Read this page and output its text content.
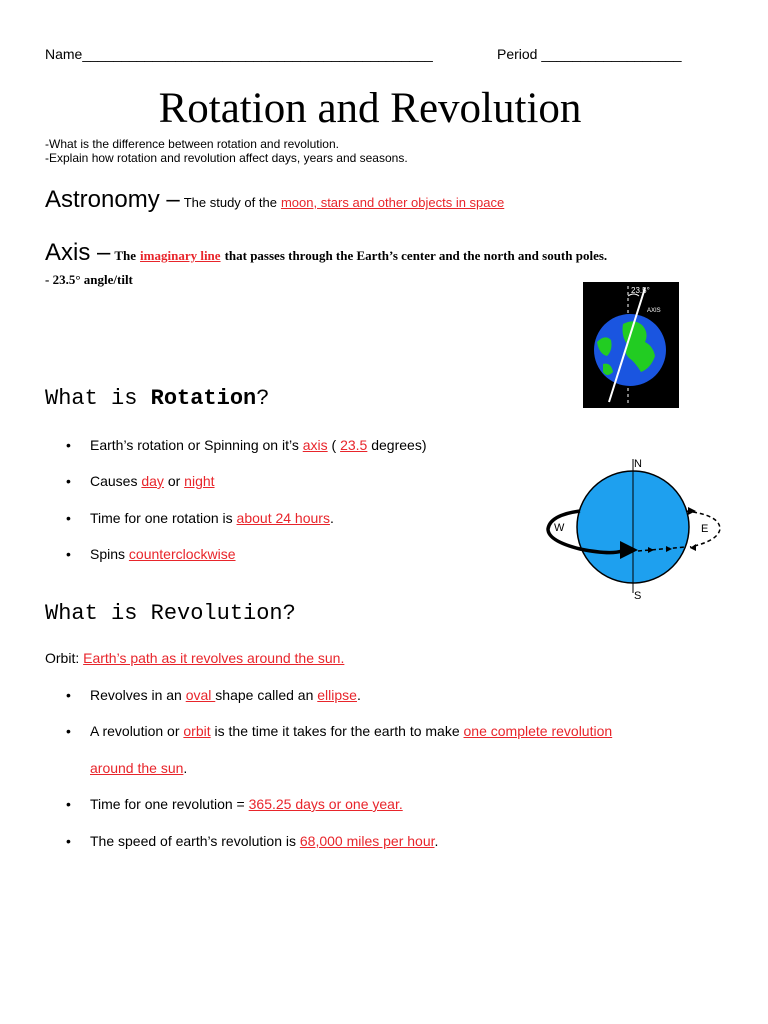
Name_____________________________________________	Period __________________
Rotation and Revolution
-What is the difference between rotation and revolution.
-Explain how rotation and revolution affect days, years and seasons.
Astronomy – The study of the moon, stars and other objects in space
Axis – The imaginary line that passes through the Earth’s center and the north and south poles.
- 23.5° angle/tilt
23.5°
AXIS
What is Rotation?
• Earth’s rotation or Spinning on it’s axis ( 23.5 degrees)
• Causes day or night
• Time for one rotation is about 24 hours.
• Spins counterclockwise
W	E
N
S
What is Revolution?
Orbit: Earth’s path as it revolves around the sun.
• Revolves in an oval shape called an ellipse.
• A revolution or orbit is the time it takes for the earth to make one complete revolution
around the sun.
• Time for one revolution = 365.25 days or one year.
• The speed of earth’s revolution is 68,000 miles per hour.
